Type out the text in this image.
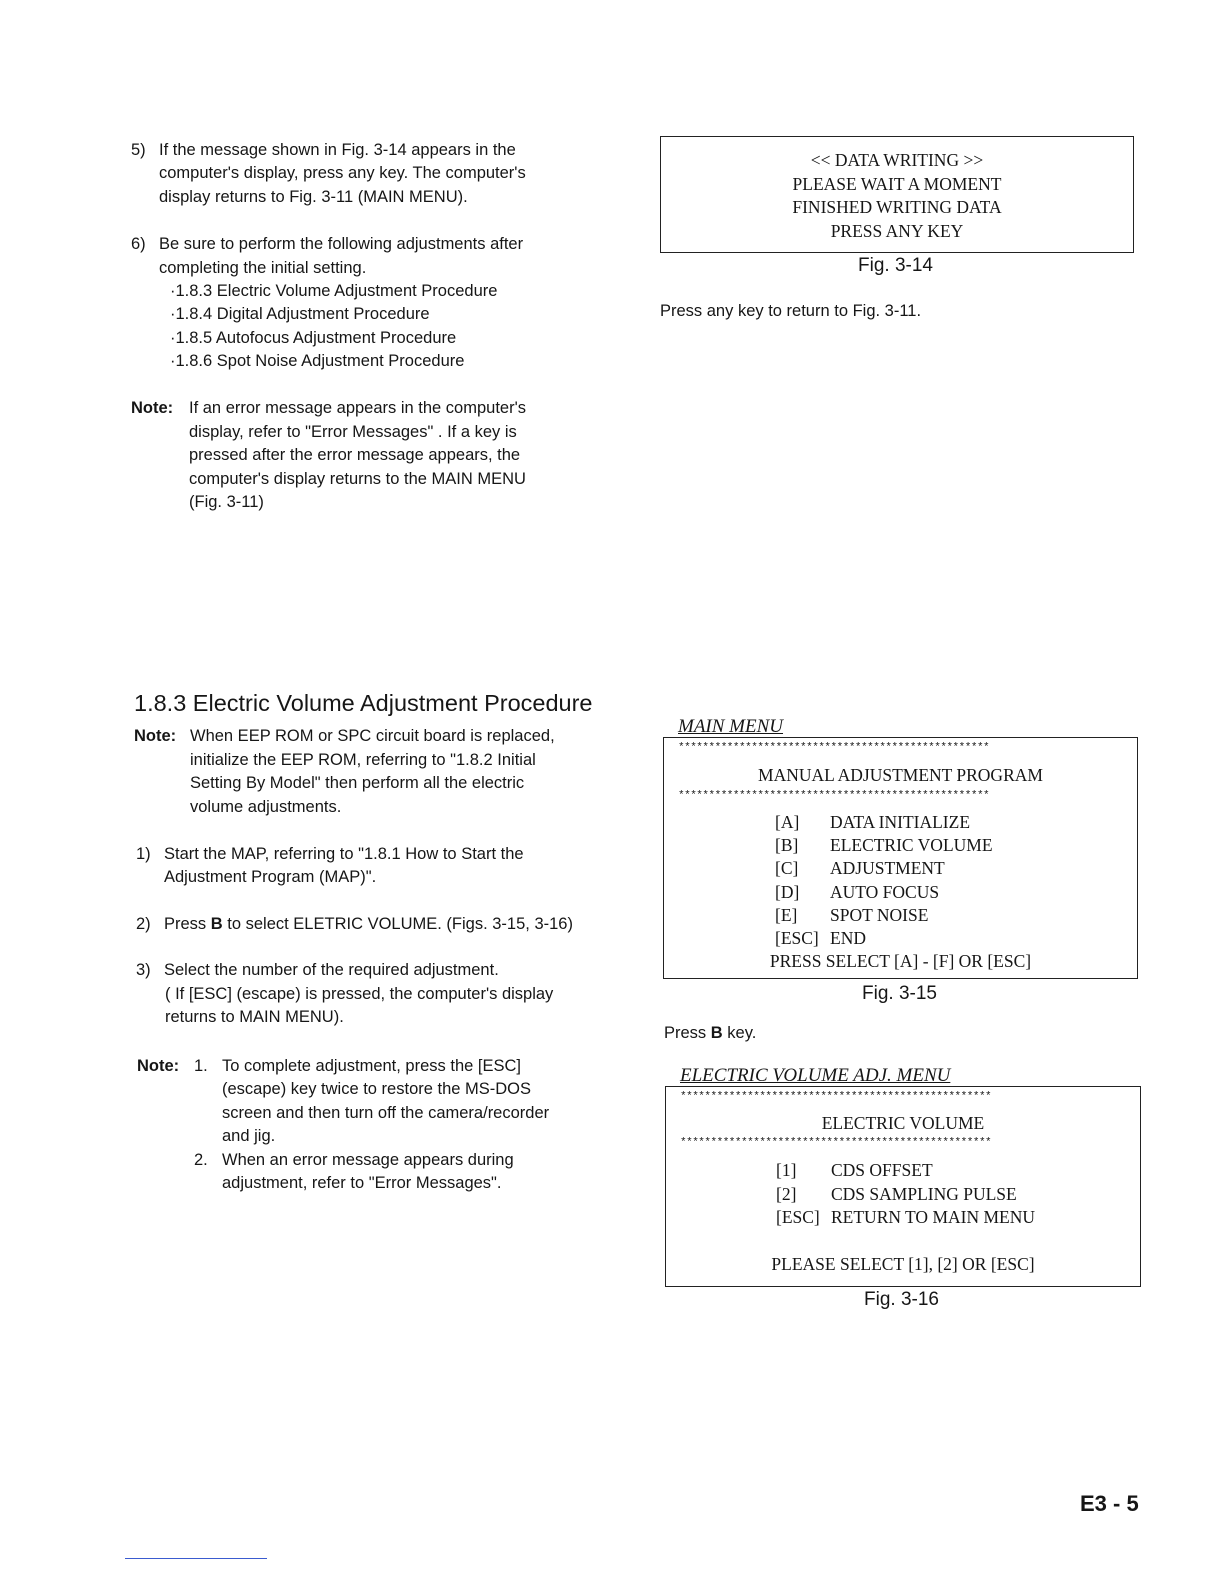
5) If the message shown in Fig. 3-14 appears in the
computer's display, press any key. The computer's
display returns to Fig. 3-11 (MAIN MENU).
6) Be sure to perform the following adjustments after
completing the initial setting.
·1.8.3 Electric Volume Adjustment Procedure
·1.8.4 Digital Adjustment Procedure
·1.8.5 Autofocus Adjustment Procedure
·1.8.6 Spot Noise Adjustment Procedure
Note: If an error message appears in the computer's
display, refer to "Error Messages" . If a key is
pressed after the error message appears, the
computer's display returns to the MAIN MENU
(Fig. 3-11)
<< DATA WRITING >>
PLEASE WAIT A MOMENT
FINISHED WRITING DATA
PRESS ANY KEY
Fig. 3-14
Press any key to return to Fig. 3-11.
1.8.3 Electric Volume Adjustment Procedure
Note: When EEP ROM or SPC circuit board is replaced,
initialize the EEP ROM, referring to "1.8.2 Initial
Setting By Model" then perform all the electric
volume adjustments.
1) Start the MAP, referring to "1.8.1 How to Start the
Adjustment Program (MAP)".
2) Press B to select ELETRIC VOLUME. (Figs. 3-15, 3-16)
3) Select the number of the required adjustment.
( If [ESC] (escape) is pressed, the computer's display
returns to MAIN MENU).
Note: 1. To complete adjustment, press the [ESC]
(escape) key twice to restore the MS-DOS
screen and then turn off the camera/recorder
and jig.
2. When an error message appears during
adjustment, refer to "Error Messages".
MAIN MENU
***************************************************
MANUAL ADJUSTMENT PROGRAM
***************************************************
[A] DATA INITIALIZE
[B] ELECTRIC VOLUME
[C] ADJUSTMENT
[D] AUTO FOCUS
[E] SPOT NOISE
[ESC] END
PRESS SELECT [A] - [F] OR [ESC]
Fig. 3-15
Press B key.
ELECTRIC VOLUME ADJ. MENU
***************************************************
ELECTRIC VOLUME
***************************************************
[1] CDS OFFSET
[2] CDS SAMPLING PULSE
[ESC] RETURN TO MAIN MENU
PLEASE SELECT [1], [2] OR [ESC]
Fig. 3-16
E3 - 5
